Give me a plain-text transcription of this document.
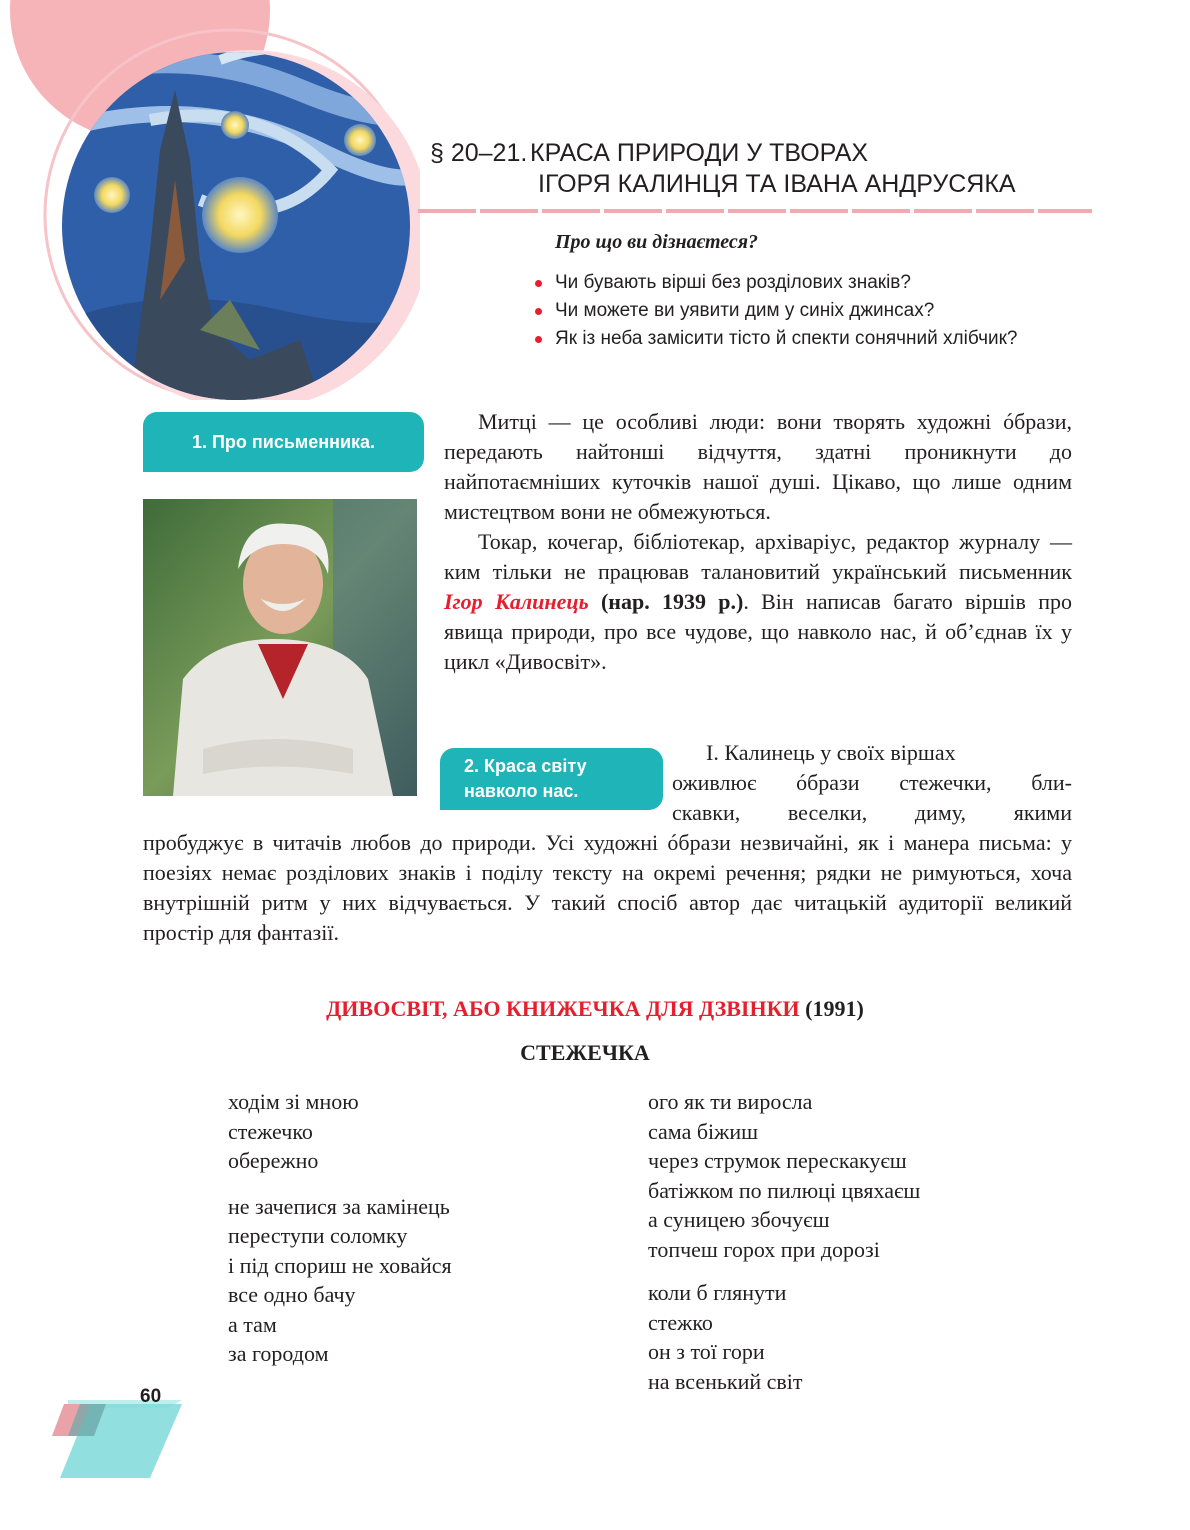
§ 20–21. КРАСА ПРИРОДИ У ТВОРАХ
ІГОРЯ КАЛИНЦЯ ТА ІВАНА АНДРУСЯКА
Про що ви дізнаєтеся?
Чи бувають вірші без розділових знаків?
Чи можете ви уявити дим у синіх джинсах?
Як із неба замісити тісто й спекти сонячний хлібчик?
1. Про письменника.
2. Краса світу
навколо нас.
Митці — це особливі люди: вони творять художні óбрази, передають найтонші відчуття, здатні проникнути до найпотаємніших куточків нашої душі. Цікаво, що лише одним мистецтвом вони не обмежуються.
Токар, кочегар, бібліотекар, архіваріус, редактор журналу — ким тільки не працював талановитий український письменник Ігор Калинець (нар. 1939 р.). Він написав багато віршів про явища природи, про все чудове, що навколо нас, й об’єднав їх у цикл «Дивосвіт».
І. Калинець у своїх віршах
оживлює óбрази стежечки, бли-
скавки, веселки, диму, якими
пробуджує в читачів любов до природи. Усі художні óбрази незвичайні, як і манера письма: у поезіях немає розділових знаків і поділу тексту на окремі речення; рядки не римуються, хоча внутрішній ритм у них відчувається. У такий спосіб автор дає читацькій аудиторії великий простір для фантазії.
ДИВОСВІТ, АБО КНИЖЕЧКА ДЛЯ ДЗВІНКИ (1991)
СТЕЖЕЧКА
ходім зі мною
стежечко
обережно
не зачепися за камінець
переступи соломку
і під спориш не ховайся
все одно бачу
а там
за городом
ого як ти виросла
сама біжиш
через струмок перескакуєш
батіжком по пилюці цвяхаєш
а суницею збочуєш
топчеш горох при дорозі
коли б глянути
стежко
он з тої гори
на всенький світ
60
